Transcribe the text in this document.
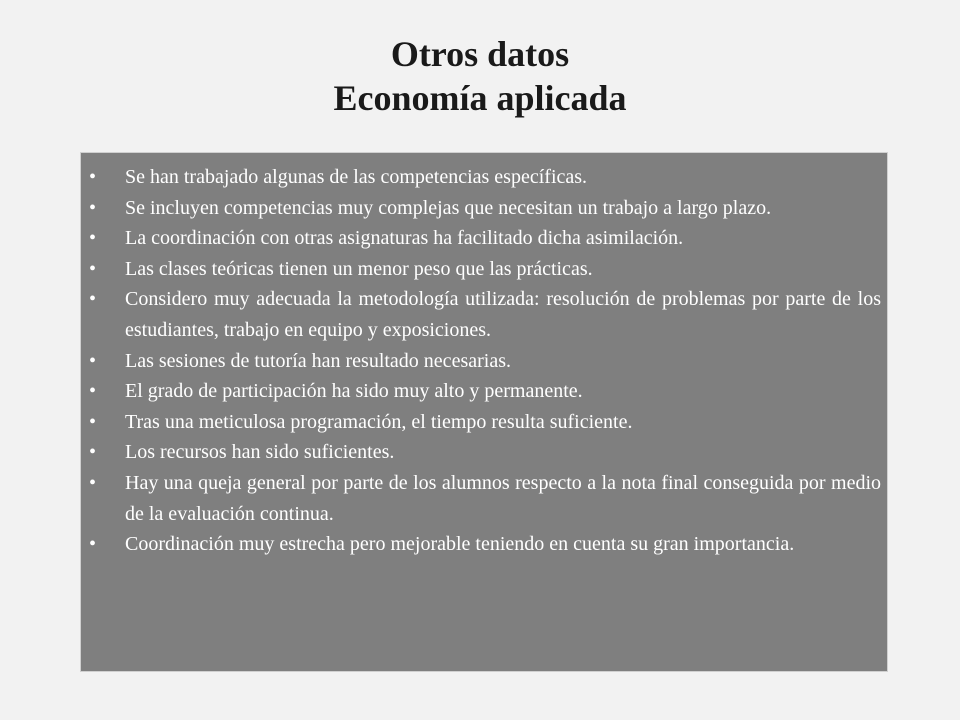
Otros datos
Economía aplicada
•	Se han trabajado algunas de las competencias específicas.
•	Se incluyen competencias muy complejas que necesitan un trabajo a largo plazo.
•	La coordinación con otras asignaturas ha facilitado dicha asimilación.
•	Las clases teóricas tienen un menor peso que las prácticas.
•	Considero muy adecuada la metodología utilizada: resolución de problemas por parte de los estudiantes, trabajo en equipo y exposiciones.
•	Las sesiones de tutoría han resultado necesarias.
•	El grado de participación ha sido muy alto y permanente.
•	Tras una meticulosa programación, el tiempo resulta suficiente.
•	Los recursos han sido suficientes.
•	Hay una queja general por parte de los alumnos respecto a la nota final conseguida por medio de la evaluación continua.
•	Coordinación muy estrecha pero mejorable teniendo en cuenta su gran importancia.
